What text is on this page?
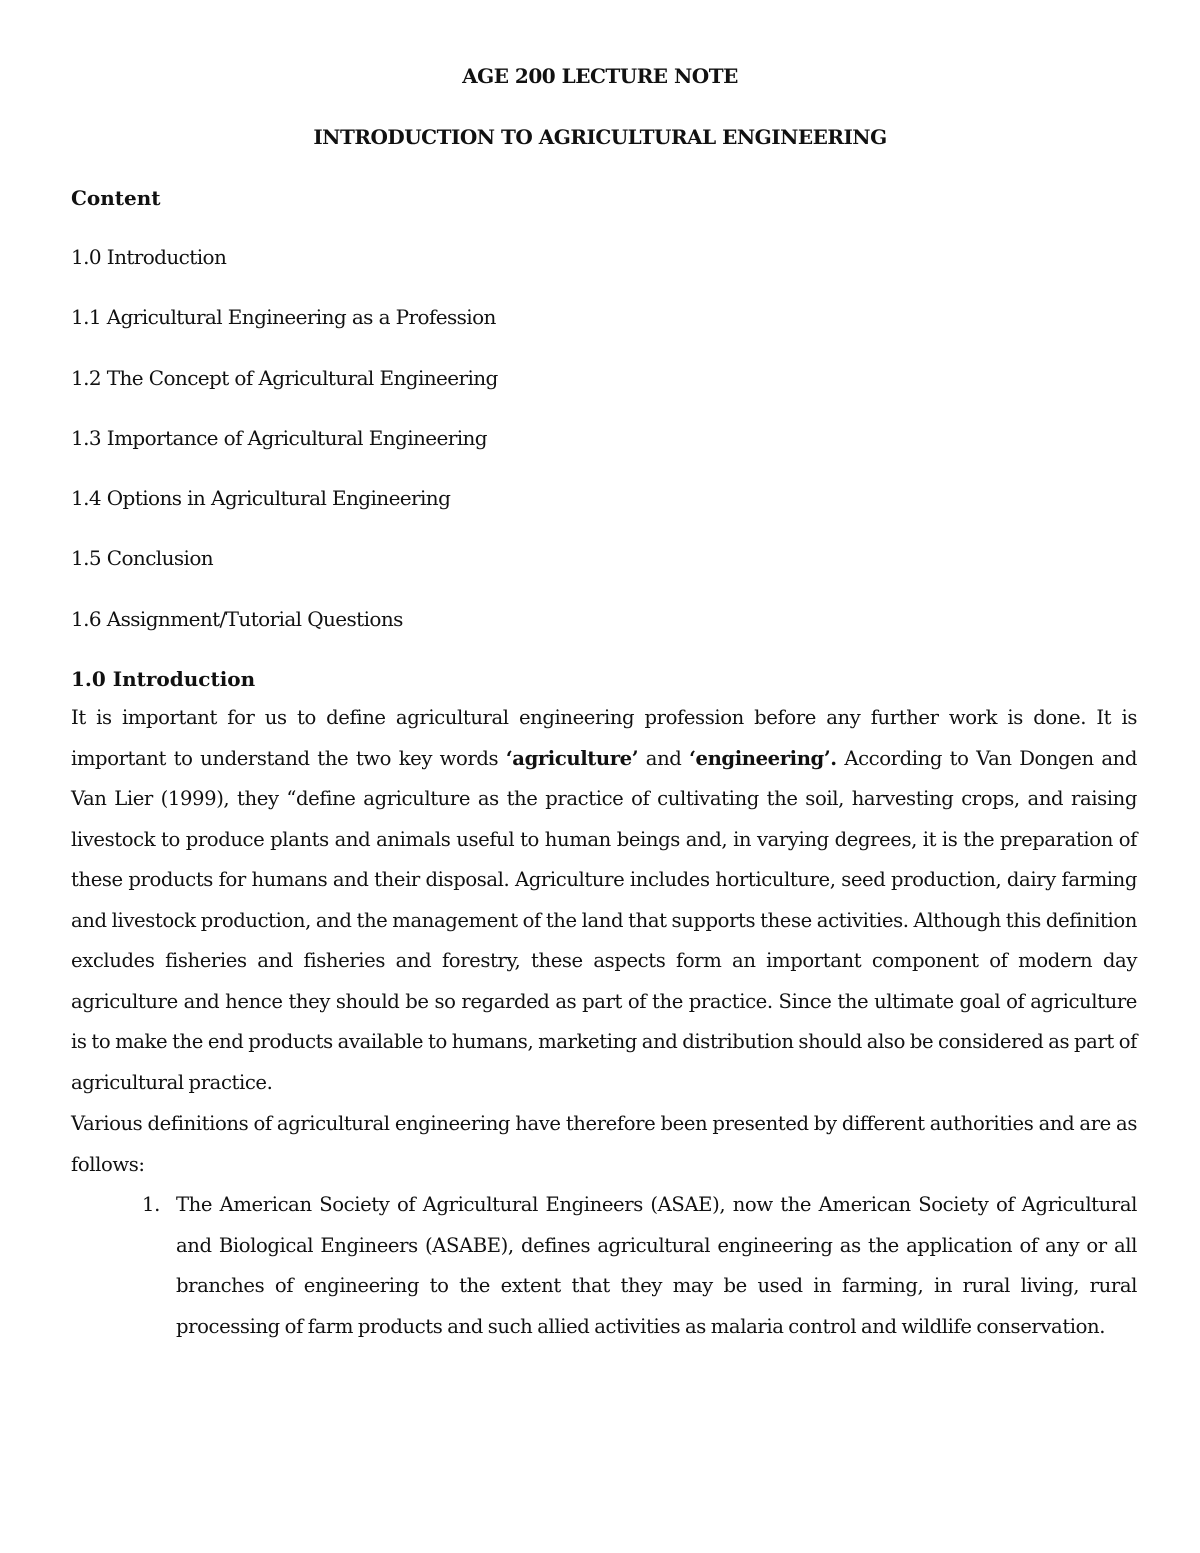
AGE 200 LECTURE NOTE
INTRODUCTION TO AGRICULTURAL ENGINEERING
Content
1.0 Introduction
1.1 Agricultural Engineering as a Profession
1.2 The Concept of Agricultural Engineering
1.3 Importance of Agricultural Engineering
1.4 Options in Agricultural Engineering
1.5 Conclusion
1.6 Assignment/Tutorial Questions
1.0 Introduction

It is important for us to define agricultural engineering profession before any further work is done. It is important to understand the two key words ‘agriculture’ and ‘engineering’. According to Van Dongen and Van Lier (1999), they “define agriculture as the practice of cultivating the soil, harvesting crops, and raising livestock to produce plants and animals useful to human beings and, in varying degrees, it is the preparation of these products for humans and their disposal. Agriculture includes horticulture, seed production, dairy farming and livestock production, and the management of the land that supports these activities. Although this definition excludes fisheries and fisheries and forestry, these aspects form an important component of modern day agriculture and hence they should be so regarded as part of the practice. Since the ultimate goal of agriculture is to make the end products available to humans, marketing and distribution should also be considered as part of agricultural practice.

Various definitions of agricultural engineering have therefore been presented by different authorities and are as follows:

1. The American Society of Agricultural Engineers (ASAE), now the American Society of Agricultural and Biological Engineers (ASABE), defines agricultural engineering as the application of any or all branches of engineering to the extent that they may be used in farming, in rural living, rural processing of farm products and such allied activities as malaria control and wildlife conservation.
